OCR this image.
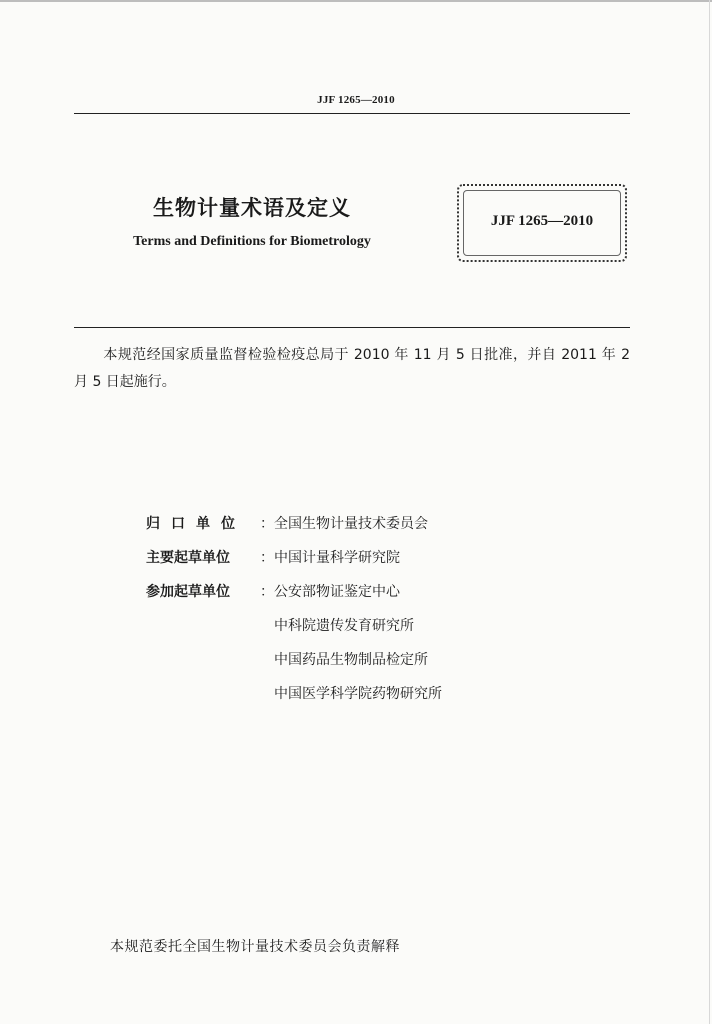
JJF 1265—2010
生物计量术语及定义
Terms and Definitions for Biometrology
JJF 1265—2010
本规范经国家质量监督检验检疫总局于 2010 年 11 月 5 日批准，并自 2011 年 2 月 5 日起施行。
归口单位	：全国生物计量技术委员会
主要起草单位	：中国计量科学研究院
参加起草单位	：公安部物证鉴定中心
中科院遗传发育研究所
中国药品生物制品检定所
中国医学科学院药物研究所
本规范委托全国生物计量技术委员会负责解释
